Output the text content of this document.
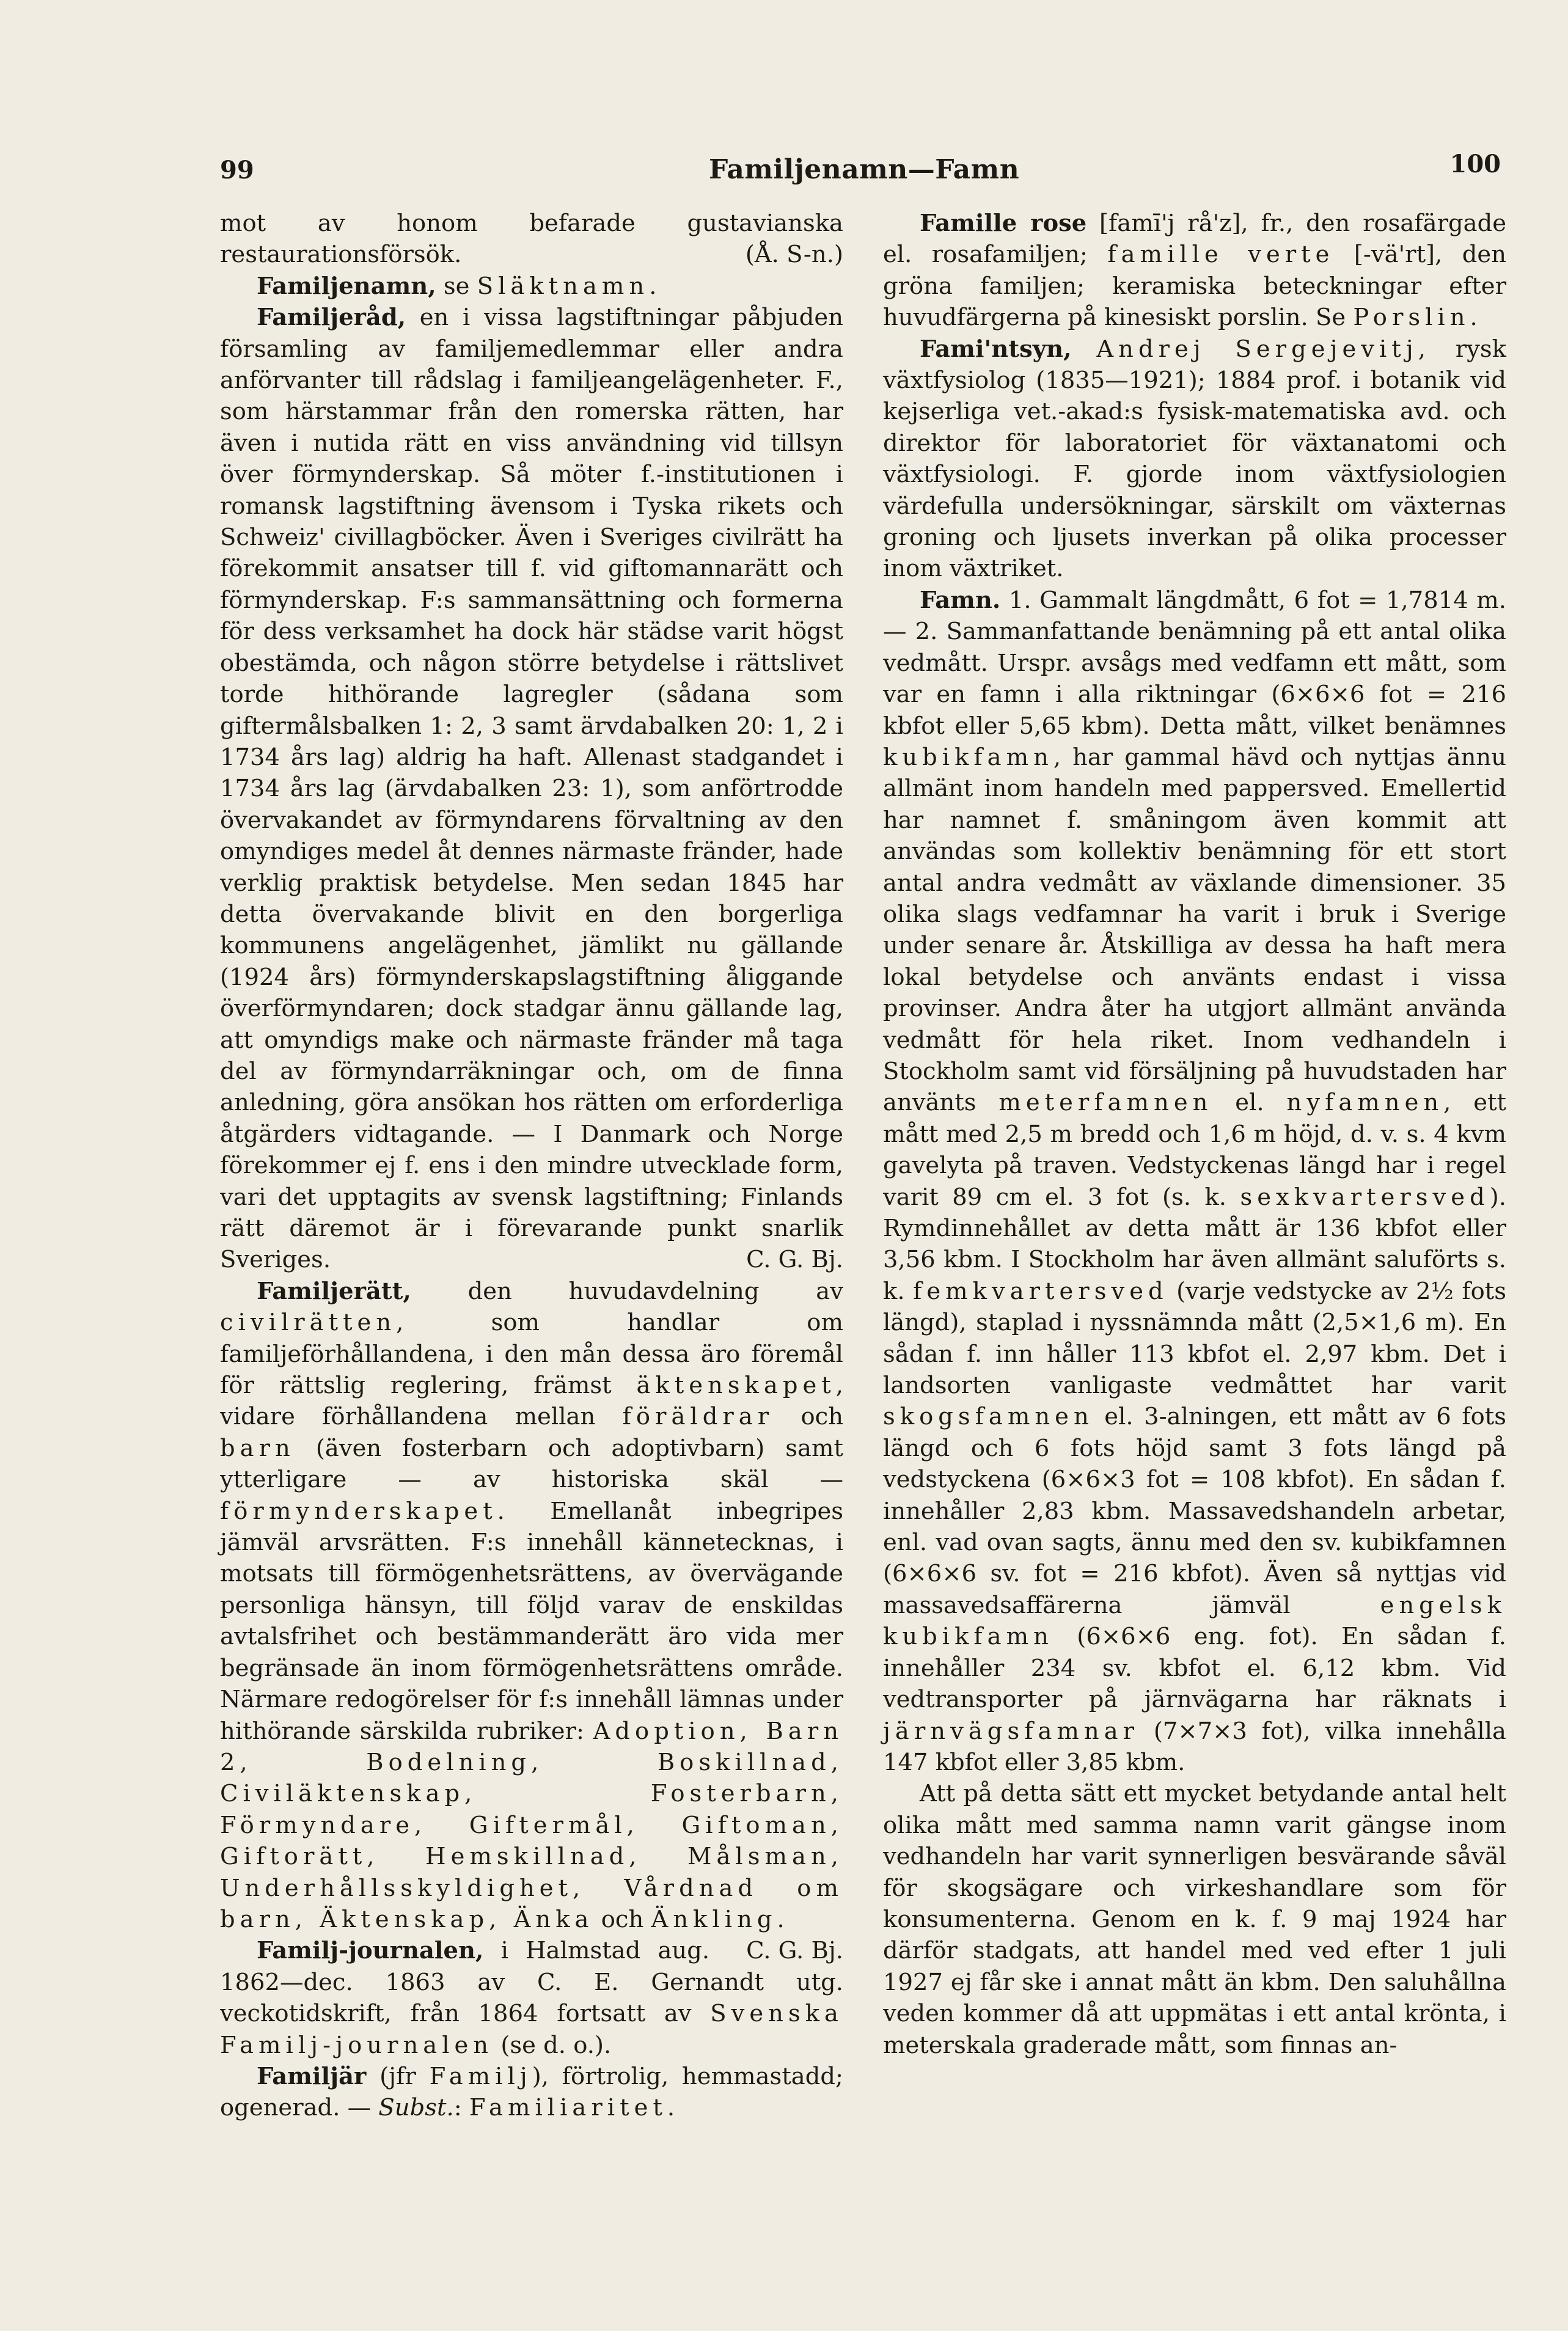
99	Familjenamn—Famn	100

mot av honom befarade gustavianska restaurationsförsök.	(Å. S-n.)

Familjenamn, se Släktnamn.

Familjeråd, en i vissa lagstiftningar påbjuden församling av familjemedlemmar eller andra anförvanter till rådslag i familjeangelägenheter. F., som härstammar från den romerska rätten, har även i nutida rätt en viss användning vid tillsyn över förmynderskap. Så möter f.-institutionen i romansk lagstiftning ävensom i Tyska rikets och Schweiz' civillagböcker. Även i Sveriges civilrätt ha förekommit ansatser till f. vid giftomannarätt och förmynderskap. F:s sammansättning och formerna för dess verksamhet ha dock här städse varit högst obestämda, och någon större betydelse i rättslivet torde hithörande lagregler (sådana som giftermålsbalken 1: 2, 3 samt ärvdabalken 20: 1, 2 i 1734 års lag) aldrig ha haft. Allenast stadgandet i 1734 års lag (ärvdabalken 23: 1), som anförtrodde övervakandet av förmyndarens förvaltning av den omyndiges medel åt dennes närmaste fränder, hade verklig praktisk betydelse. Men sedan 1845 har detta övervakande blivit en den borgerliga kommunens angelägenhet, jämlikt nu gällande (1924 års) förmynderskapslagstiftning åliggande överförmyndaren; dock stadgar ännu gällande lag, att omyndigs make och närmaste fränder må taga del av förmyndarräkningar och, om de finna anledning, göra ansökan hos rätten om erforderliga åtgärders vidtagande. — I Danmark och Norge förekommer ej f. ens i den mindre utvecklade form, vari det upptagits av svensk lagstiftning; Finlands rätt däremot är i förevarande punkt snarlik Sveriges.	C. G. Bj.

Familjerätt, den huvudavdelning av civilrätten, som handlar om familjeförhållandena, i den mån dessa äro föremål för rättslig reglering, främst äktenskapet, vidare förhållandena mellan föräldrar och barn (även fosterbarn och adoptivbarn) samt ytterligare — av historiska skäl — förmynderskapet. Emellanåt inbegripes jämväl arvsrätten. F:s innehåll kännetecknas, i motsats till förmögenhetsrättens, av övervägande personliga hänsyn, till följd varav de enskildas avtalsfrihet och bestämmanderätt äro vida mer begränsade än inom förmögenhetsrättens område. Närmare redogörelser för f:s innehåll lämnas under hithörande särskilda rubriker: Adoption, Barn 2, Bodelning, Boskillnad, Civiläktenskap, Fosterbarn, Förmyndare, Giftermål, Giftoman, Giftorätt, Hemskillnad, Målsman, Underhållsskyldighet, Vårdnad om barn, Äktenskap, Änka och Änkling.
C. G. Bj.

Familj-journalen, i Halmstad aug. 1862—dec. 1863 av C. E. Gernandt utg. veckotidskrift, från 1864 fortsatt av Svenska Familj-journalen (se d. o.).

Familjär (jfr Familj), förtrolig, hemmastadd; ogenerad. — Subst.: Familiaritet.

Famille rose [famī'j rå'z], fr., den rosafärgade el. rosafamiljen; famille verte [-vä'rt], den gröna familjen; keramiska beteckningar efter huvudfärgerna på kinesiskt porslin. Se Porslin.

Fami'ntsyn, Andrej Sergejevitj, rysk växtfysiolog (1835—1921); 1884 prof. i botanik vid kejserliga vet.-akad:s fysisk-matematiska avd. och direktor för laboratoriet för växtanatomi och växtfysiologi. F. gjorde inom växtfysiologien värdefulla undersökningar, särskilt om växternas groning och ljusets inverkan på olika processer inom växtriket.

Famn. 1. Gammalt längdmått, 6 fot = 1,7814 m. — 2. Sammanfattande benämning på ett antal olika vedmått. Urspr. avsågs med vedfamn ett mått, som var en famn i alla riktningar (6×6×6 fot = 216 kbfot eller 5,65 kbm). Detta mått, vilket benämnes kubikfamn, har gammal hävd och nyttjas ännu allmänt inom handeln med pappersved. Emellertid har namnet f. småningom även kommit att användas som kollektiv benämning för ett stort antal andra vedmått av växlande dimensioner. 35 olika slags vedfamnar ha varit i bruk i Sverige under senare år. Åtskilliga av dessa ha haft mera lokal betydelse och använts endast i vissa provinser. Andra åter ha utgjort allmänt använda vedmått för hela riket. Inom vedhandeln i Stockholm samt vid försäljning på huvudstaden har använts meterfamnen el. nyfamnen, ett mått med 2,5 m bredd och 1,6 m höjd, d. v. s. 4 kvm gavelyta på traven. Vedstyckenas längd har i regel varit 89 cm el. 3 fot (s. k. sexkvartersved). Rymdinnehållet av detta mått är 136 kbfot eller 3,56 kbm. I Stockholm har även allmänt saluförts s. k. femkvartersved (varje vedstycke av 2½ fots längd), staplad i nyssnämnda mått (2,5×1,6 m). En sådan f. inn håller 113 kbfot el. 2,97 kbm. Det i landsorten vanligaste vedmåttet har varit skogsfamnen el. 3-alningen, ett mått av 6 fots längd och 6 fots höjd samt 3 fots längd på vedstyckena (6×6×3 fot = 108 kbfot). En sådan f. innehåller 2,83 kbm. Massavedshandeln arbetar, enl. vad ovan sagts, ännu med den sv. kubikfamnen (6×6×6 sv. fot = 216 kbfot). Även så nyttjas vid massavedsaffärerna jämväl engelsk kubikfamn (6×6×6 eng. fot). En sådan f. innehåller 234 sv. kbfot el. 6,12 kbm. Vid vedtransporter på järnvägarna har räknats i järnvägsfamnar (7×7×3 fot), vilka innehålla 147 kbfot eller 3,85 kbm.

Att på detta sätt ett mycket betydande antal helt olika mått med samma namn varit gängse inom vedhandeln har varit synnerligen besvärande såväl för skogsägare och virkeshandlare som för konsumenterna. Genom en k. f. 9 maj 1924 har därför stadgats, att handel med ved efter 1 juli 1927 ej får ske i annat mått än kbm. Den saluhållna veden kommer då att uppmätas i ett antal kröntа, i meterskala graderade mått, som finnas an-
